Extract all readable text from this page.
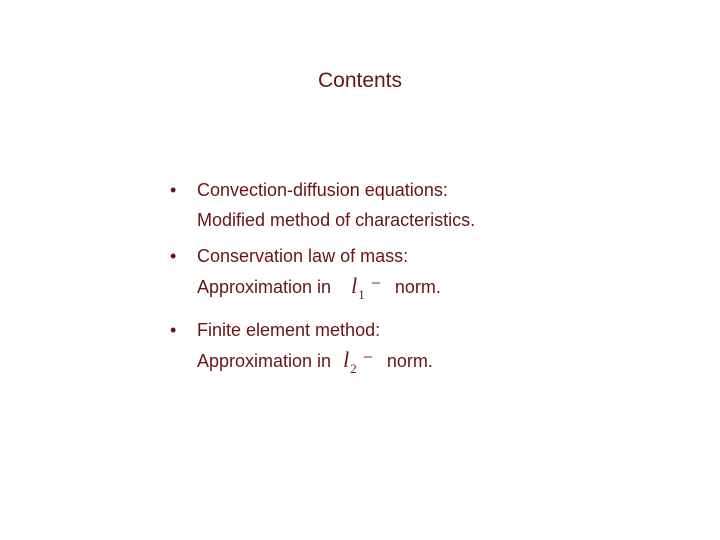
Contents
• Convection-diffusion equations:
Modified method of characteristics.
• Conservation law of mass:
Approximation in $l_1-$ norm.
• Finite element method:
Approximation in $l_2-$ norm.
